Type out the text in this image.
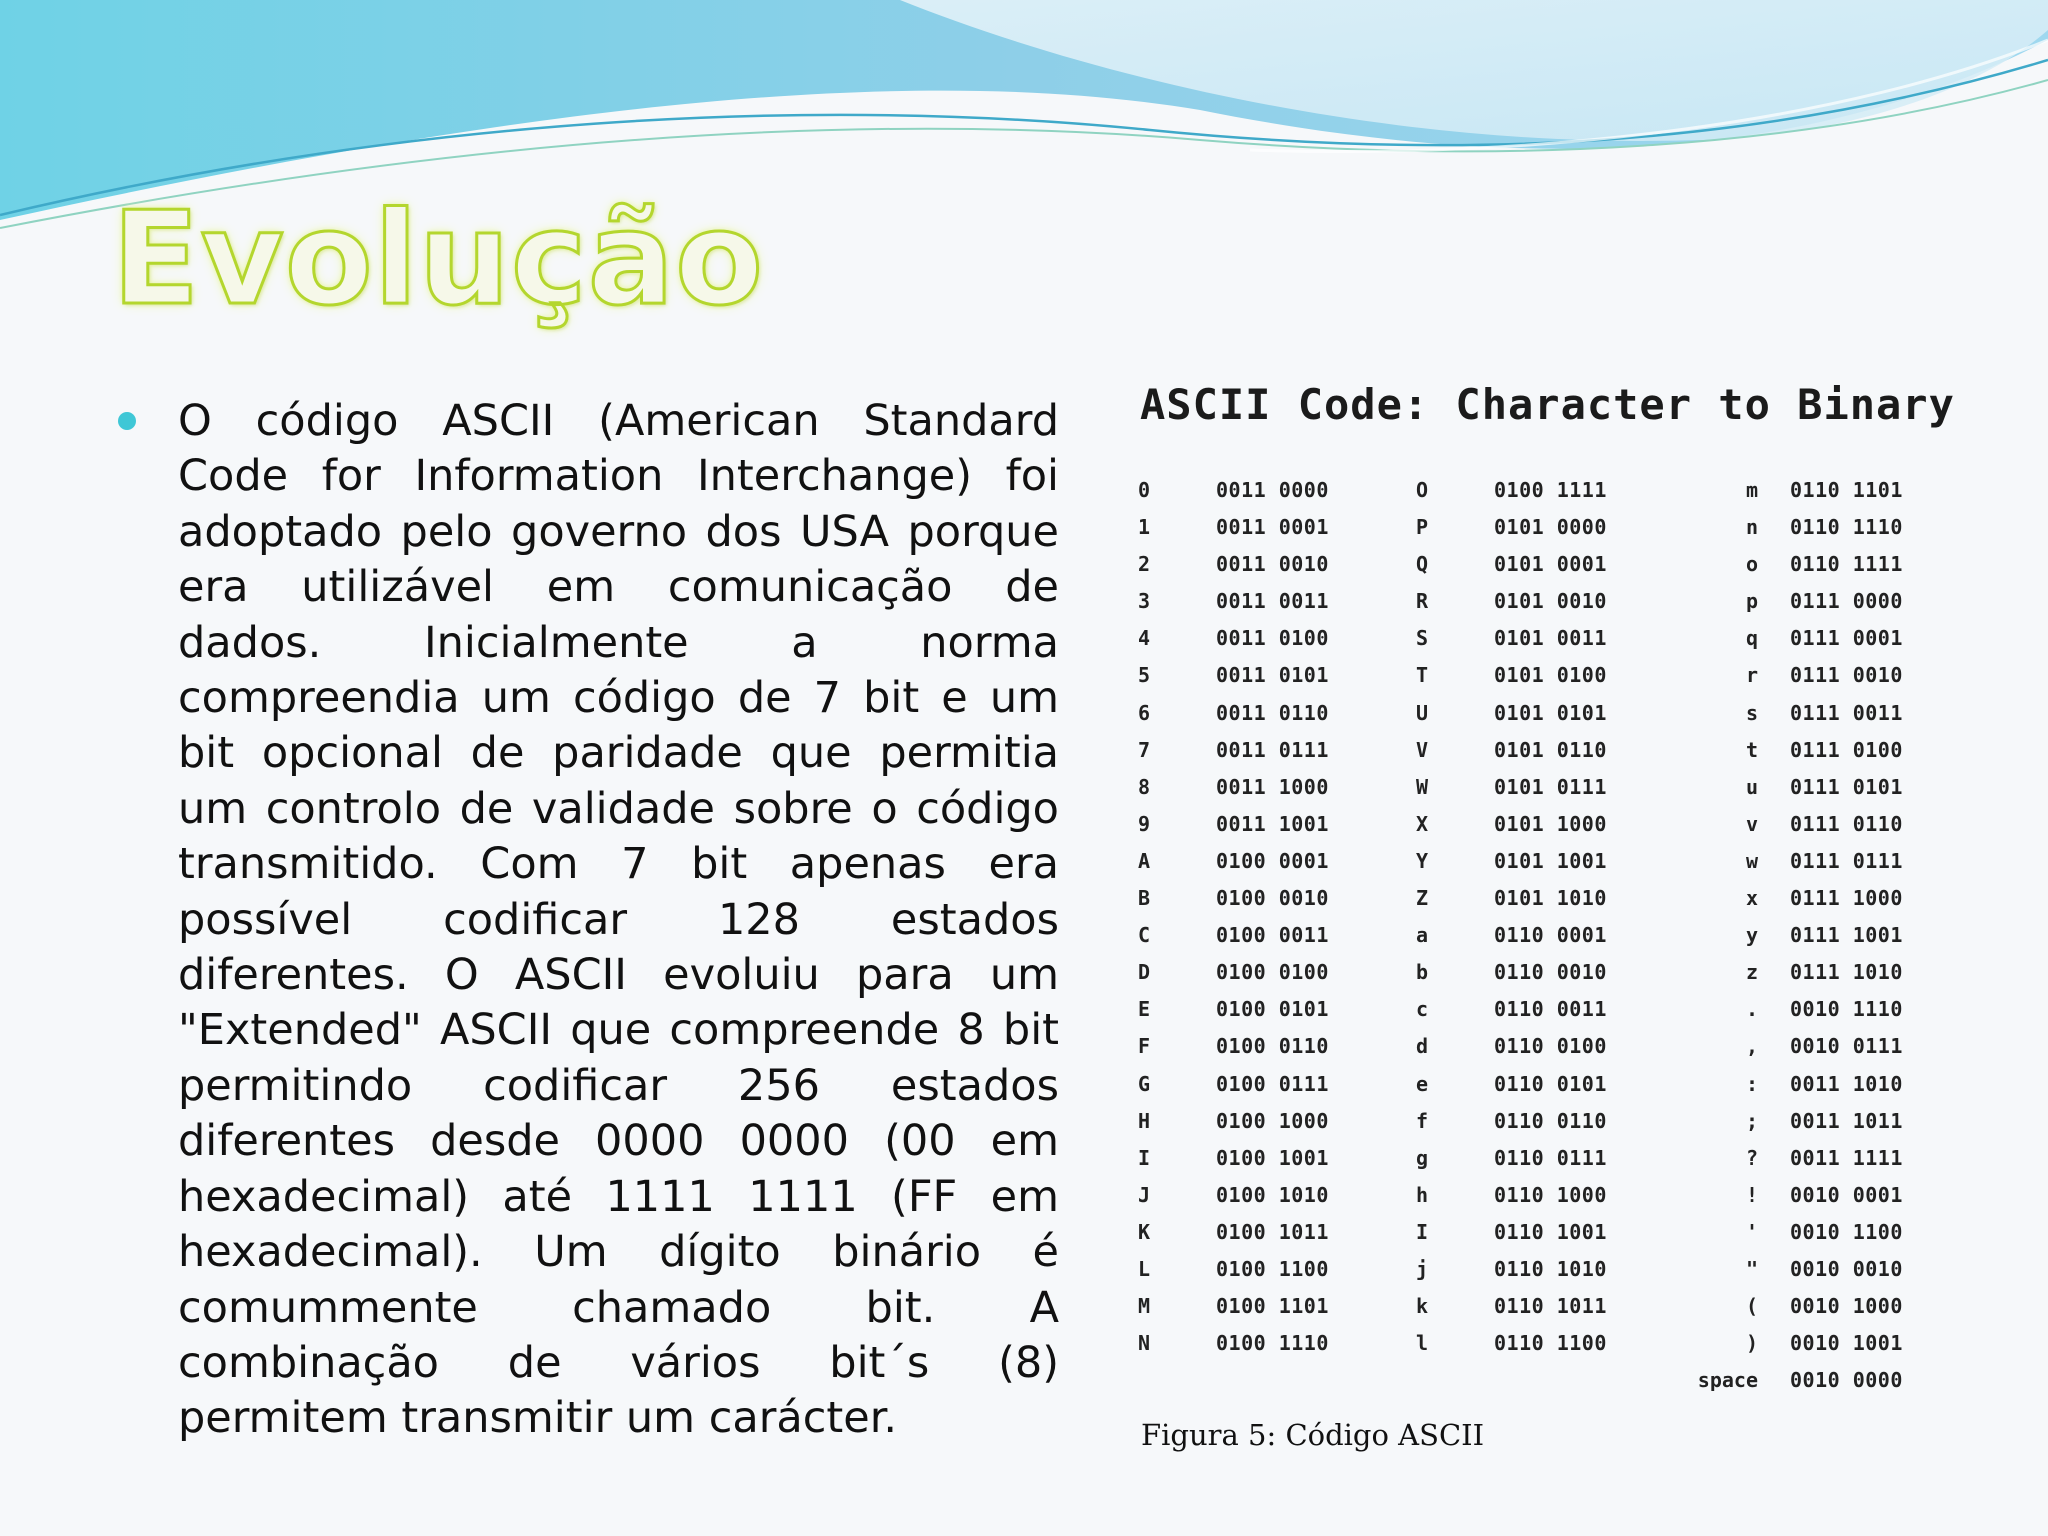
Evolução

O código ASCII (American Standard Code for Information Interchange) foi adoptado pelo governo dos USA porque era utilizável em comunicação de dados. Inicialmente a norma compreendia um código de 7 bit e um bit opcional de paridade que permitia um controlo de validade sobre o código transmitido. Com 7 bit apenas era possível codificar 128 estados diferentes. O ASCII evoluiu para um "Extended" ASCII que compreende 8 bit permitindo codificar 256 estados diferentes desde 0000 0000 (00 em hexadecimal) até 1111 1111 (FF em hexadecimal). Um dígito binário é comummente chamado bit. A combinação de vários bit´s (8) permitem transmitir um carácter.

ASCII Code: Character to Binary
0	0011 0000
1	0011 0001
2	0011 0010
3	0011 0011
4	0011 0100
5	0011 0101
6	0011 0110
7	0011 0111
8	0011 1000
9	0011 1001
A	0100 0001
B	0100 0010
C	0100 0011
D	0100 0100
E	0100 0101
F	0100 0110
G	0100 0111
H	0100 1000
I	0100 1001
J	0100 1010
K	0100 1011
L	0100 1100
M	0100 1101
N	0100 1110
O	0100 1111
P	0101 0000
Q	0101 0001
R	0101 0010
S	0101 0011
T	0101 0100
U	0101 0101
V	0101 0110
W	0101 0111
X	0101 1000
Y	0101 1001
Z	0101 1010
a	0110 0001
b	0110 0010
c	0110 0011
d	0110 0100
e	0110 0101
f	0110 0110
g	0110 0111
h	0110 1000
I	0110 1001
j	0110 1010
k	0110 1011
l	0110 1100
m 0110 1101
n 0110 1110
o 0110 1111
p 0111 0000
q 0111 0001
r 0111 0010
s 0111 0011
t 0111 0100
u 0111 0101
v 0111 0110
w 0111 0111
x 0111 1000
y 0111 1001
z 0111 1010
. 0010 1110
, 0010 0111
: 0011 1010
; 0011 1011
? 0011 1111
! 0010 0001
' 0010 1100
" 0010 0010
( 0010 1000
) 0010 1001
space 0010 0000
Figura 5: Código ASCII
